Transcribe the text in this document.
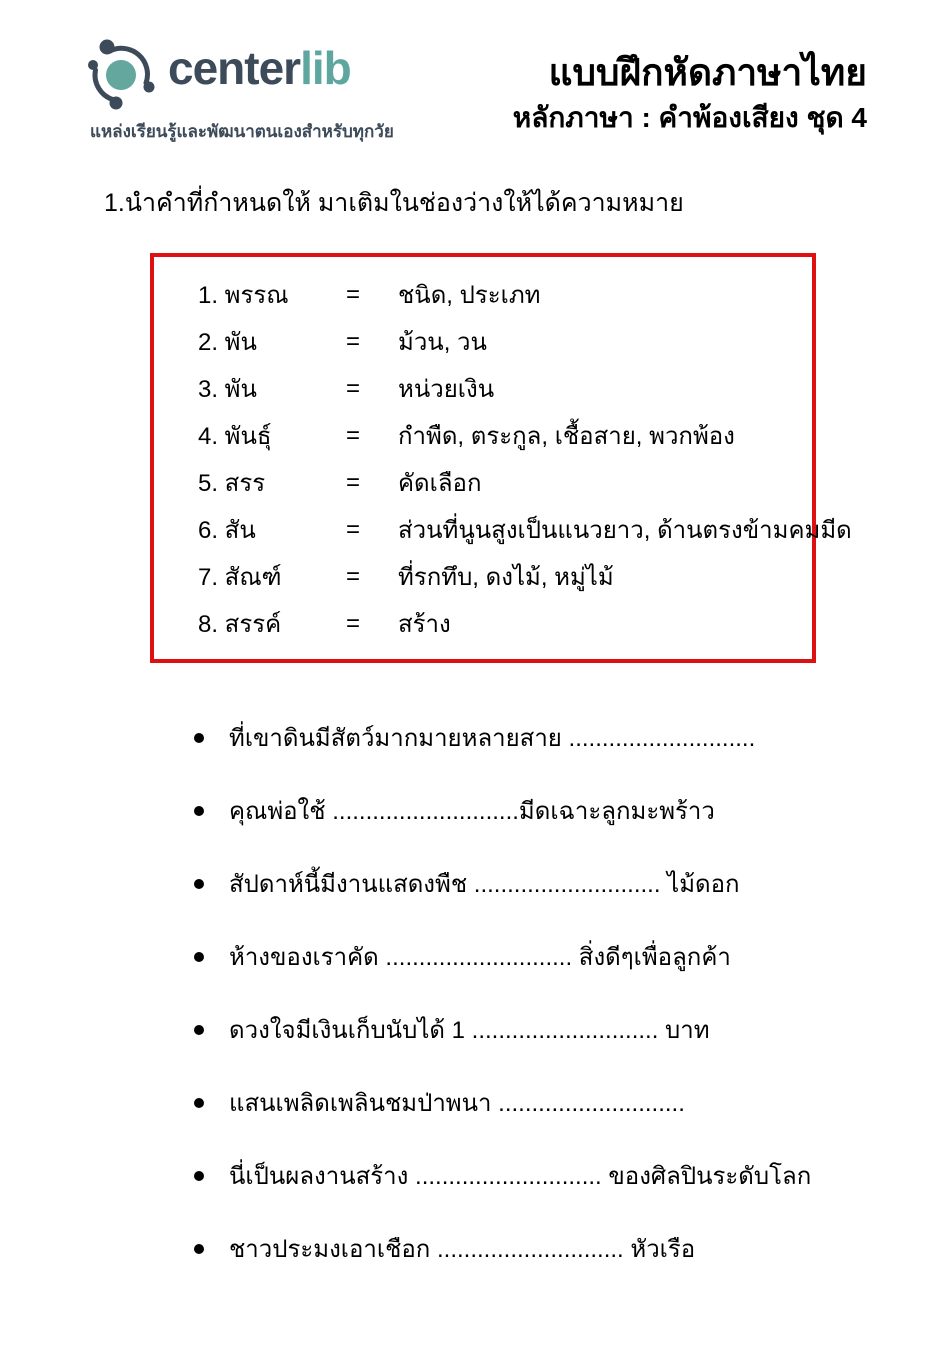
centerlib
แหล่งเรียนรู้และพัฒนาตนเองสำหรับทุกวัย
แบบฝึกหัดภาษาไทย
หลักภาษา : คำพ้องเสียง ชุด 4
1.นำคำที่กำหนดให้ มาเติมในช่องว่างให้ได้ความหมาย
1. พรรณ	=	ชนิด, ประเภท
2. พัน	=	ม้วน, วน
3. พัน	=	หน่วยเงิน
4. พันธุ์	=	กำพืด, ตระกูล, เชื้อสาย, พวกพ้อง
5. สรร	=	คัดเลือก
6. สัน	=	ส่วนที่นูนสูงเป็นแนวยาว, ด้านตรงข้ามคมมีด
7. สัณฑ์	=	ที่รกทึบ, ดงไม้, หมู่ไม้
8. สรรค์	=	สร้าง
ที่เขาดินมีสัตว์มากมายหลายสาย ............................
คุณพ่อใช้ ............................มีดเฉาะลูกมะพร้าว
สัปดาห์นี้มีงานแสดงพืช ............................ ไม้ดอก
ห้างของเราคัด ............................ สิ่งดีๆเพื่อลูกค้า
ดวงใจมีเงินเก็บนับได้ 1 ............................ บาท
แสนเพลิดเพลินชมป่าพนา ............................
นี่เป็นผลงานสร้าง ............................ ของศิลปินระดับโลก
ชาวประมงเอาเชือก ............................ หัวเรือ
